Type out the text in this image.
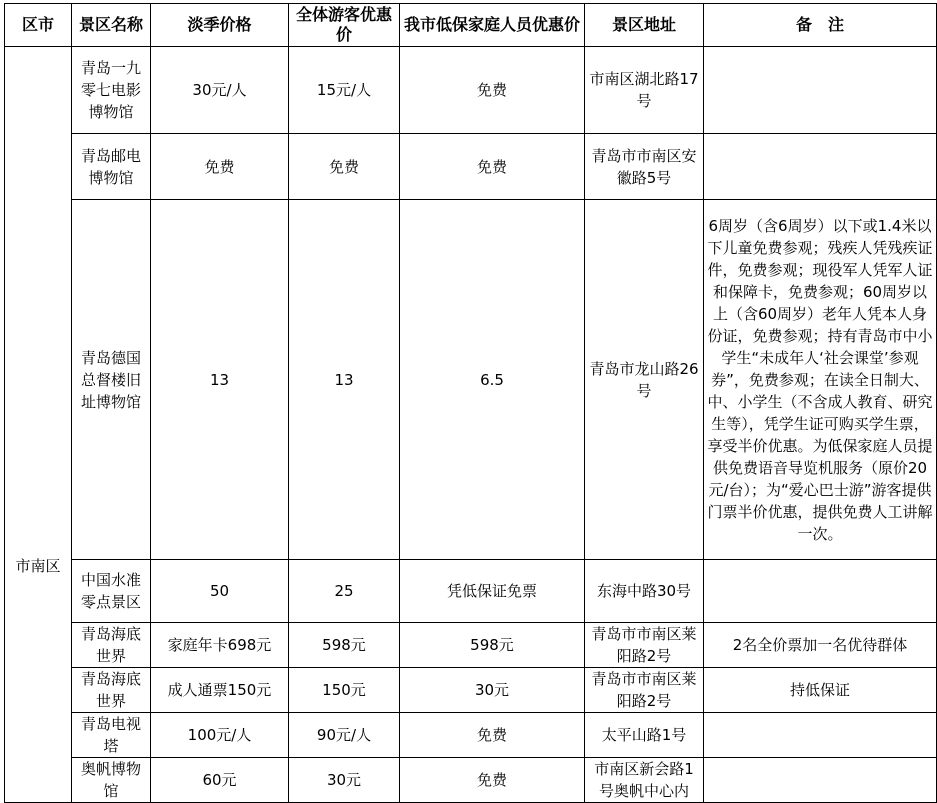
区市	景区名称	淡季价格	全体游客优惠价	我市低保家庭人员优惠价	景区地址	备　注
市南区	青岛一九零七电影博物馆	30元/人	15元/人	免费	市南区湖北路17号	
	青岛邮电博物馆	免费	免费	免费	青岛市市南区安徽路5号	
	青岛德国总督楼旧址博物馆	13	13	6.5	青岛市龙山路26号	6周岁（含6周岁）以下或1.4米以下儿童免费参观；残疾人凭残疾证件，免费参观；现役军人凭军人证和保障卡，免费参观；60周岁以上（含60周岁）老年人凭本人身份证，免费参观；持有青岛市中小学生“未成年人‘社会课堂’参观券”，免费参观；在读全日制大、中、小学生（不含成人教育、研究生等），凭学生证可购买学生票，享受半价优惠。为低保家庭人员提供免费语音导览机服务（原价20元/台）；为“爱心巴士游”游客提供门票半价优惠，提供免费人工讲解一次。
	中国水准零点景区	50	25	凭低保证免票	东海中路30号	
	青岛海底世界	家庭年卡698元	598元	598元	青岛市市南区莱阳路2号	2名全价票加一名优待群体
	青岛海底世界	成人通票150元	150元	30元	青岛市市南区莱阳路2号	持低保证
	青岛电视塔	100元/人	90元/人	免费	太平山路1号	
	奥帆博物馆	60元	30元	免费	市南区新会路1号奥帆中心内	
